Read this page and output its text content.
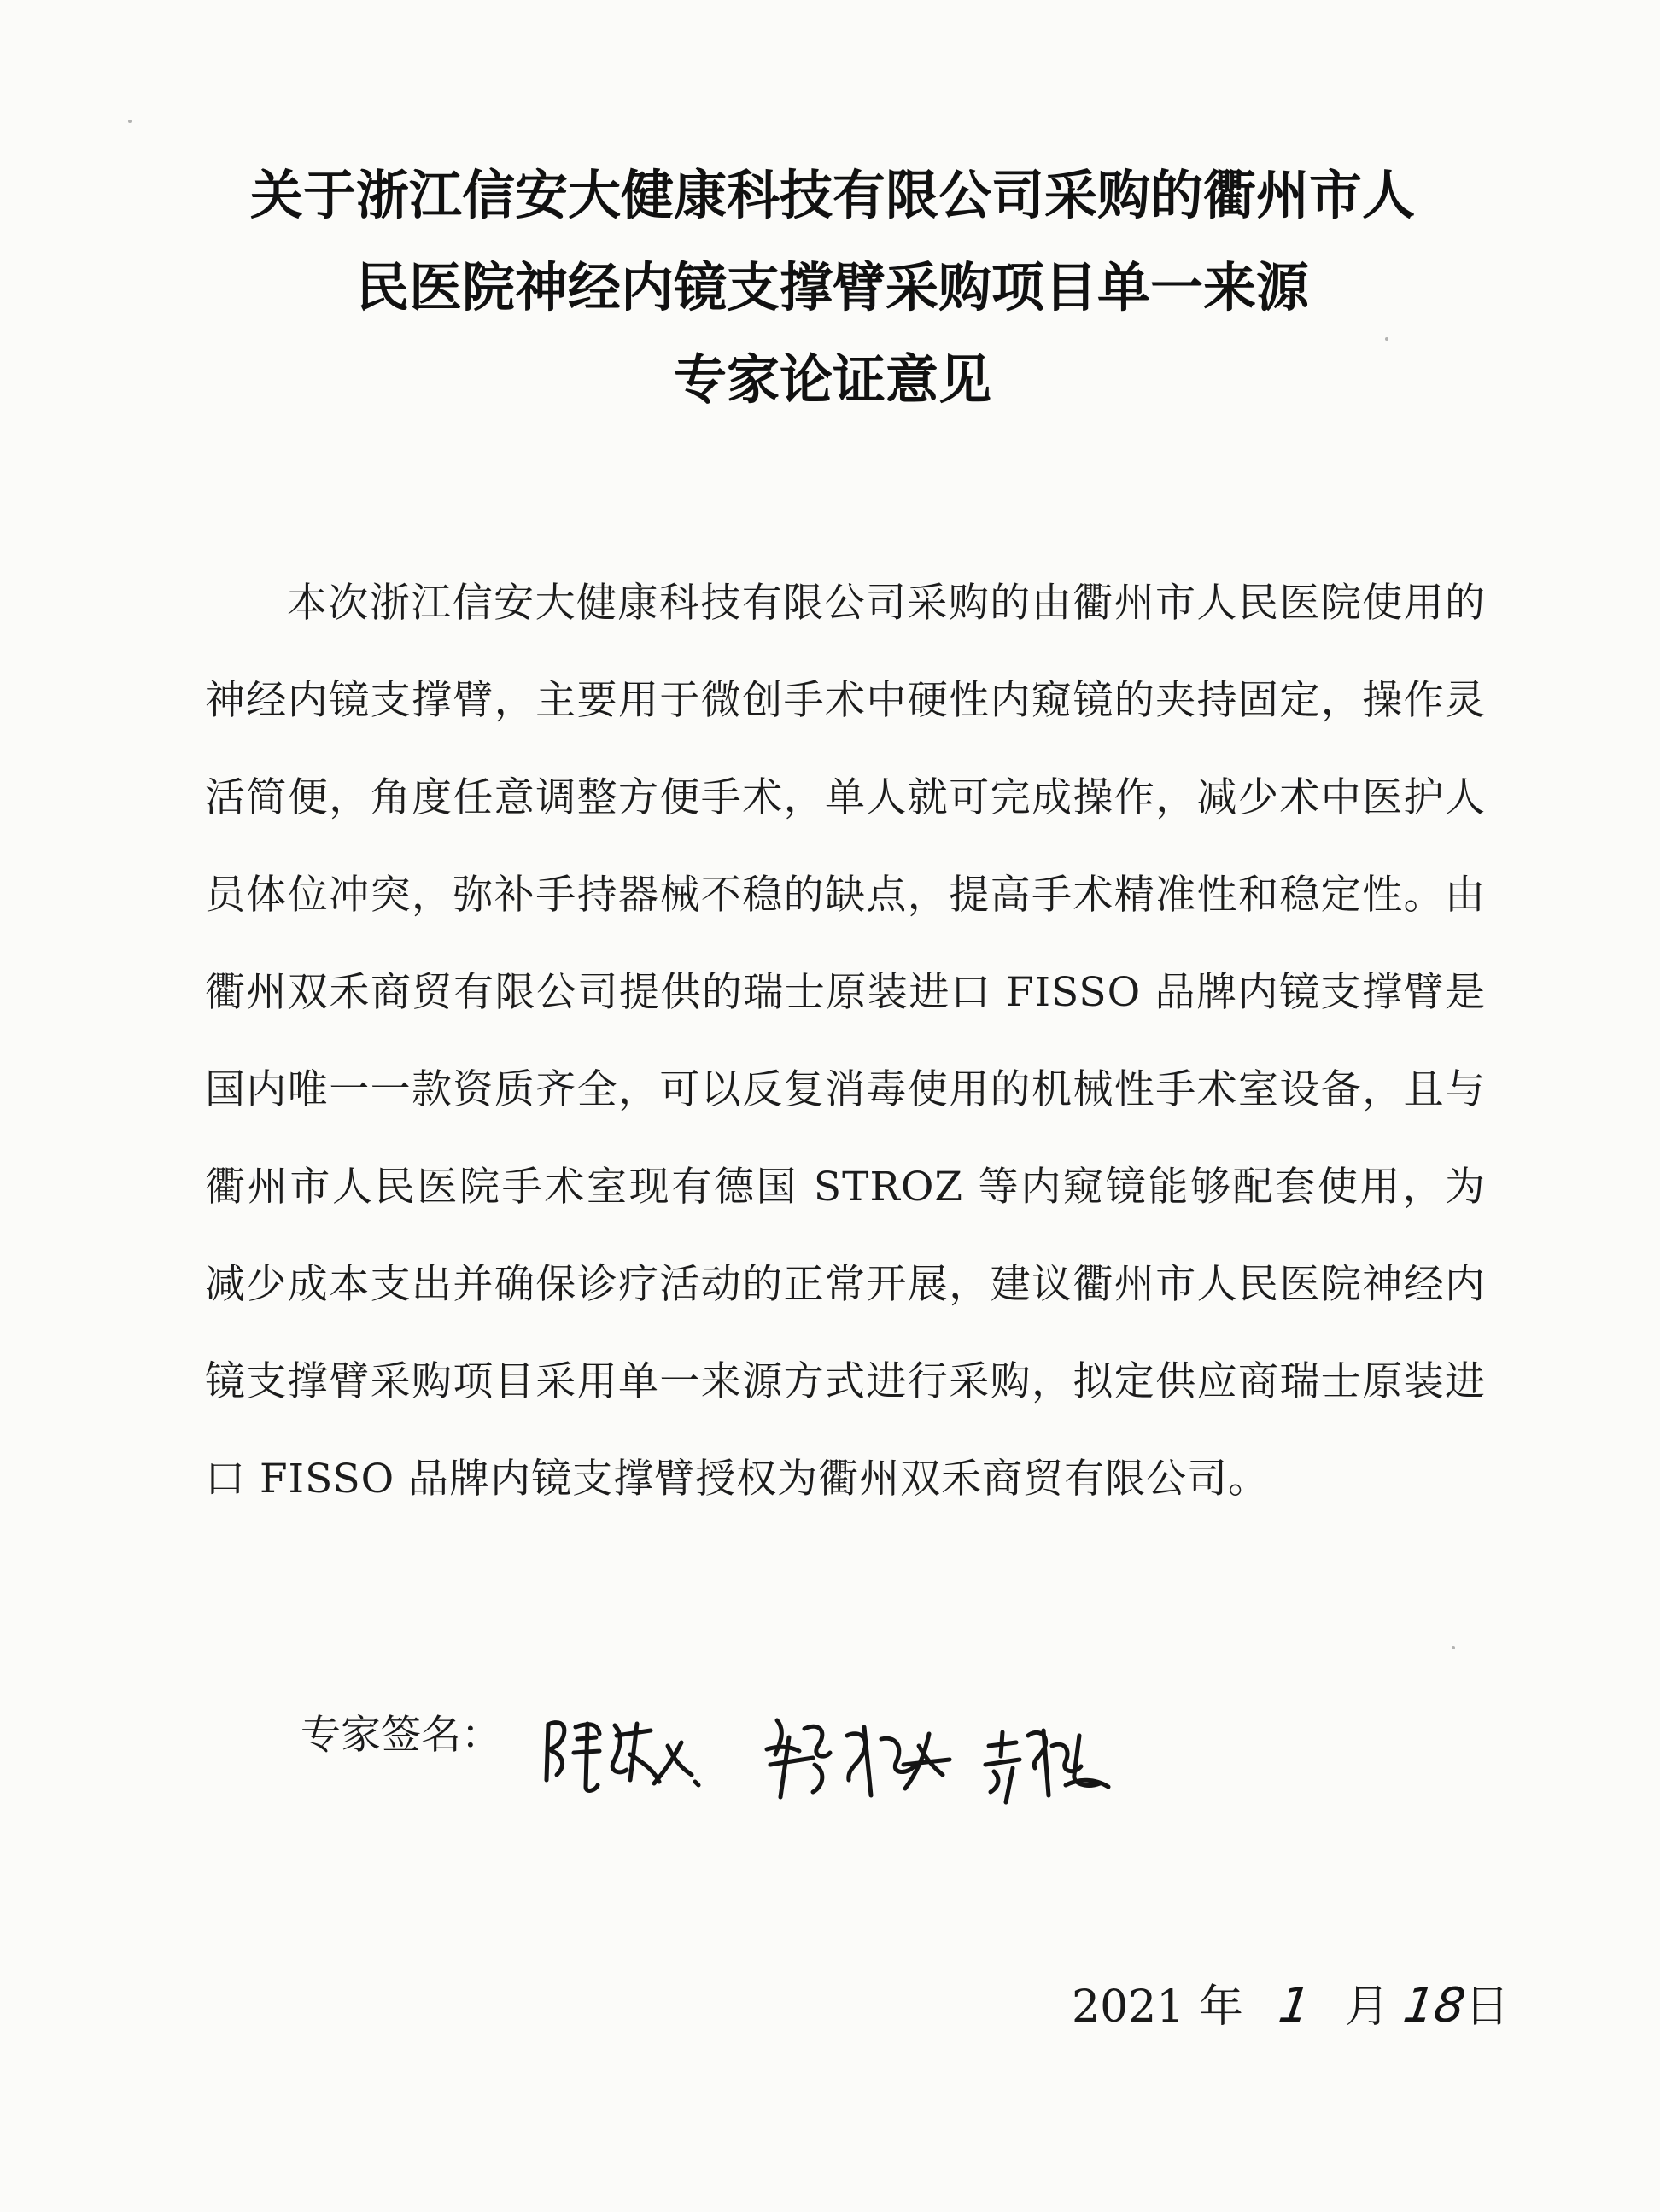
关于浙江信安大健康科技有限公司采购的衢州市人
民医院神经内镜支撑臂采购项目单一来源
专家论证意见
本次浙江信安大健康科技有限公司采购的由衢州市人民医院使用的神经内镜支撑臂，主要用于微创手术中硬性内窥镜的夹持固定，操作灵活简便，角度任意调整方便手术，单人就可完成操作，减少术中医护人员体位冲突，弥补手持器械不稳的缺点，提高手术精准性和稳定性。由衢州双禾商贸有限公司提供的瑞士原装进口 FISSO 品牌内镜支撑臂是国内唯一一款资质齐全，可以反复消毒使用的机械性手术室设备，且与衢州市人民医院手术室现有德国 STROZ 等内窥镜能够配套使用，为减少成本支出并确保诊疗活动的正常开展，建议衢州市人民医院神经内镜支撑臂采购项目采用单一来源方式进行采购，拟定供应商瑞士原装进口 FISSO 品牌内镜支撑臂授权为衢州双禾商贸有限公司。
专家签名：
2021 年 1 月 18日
